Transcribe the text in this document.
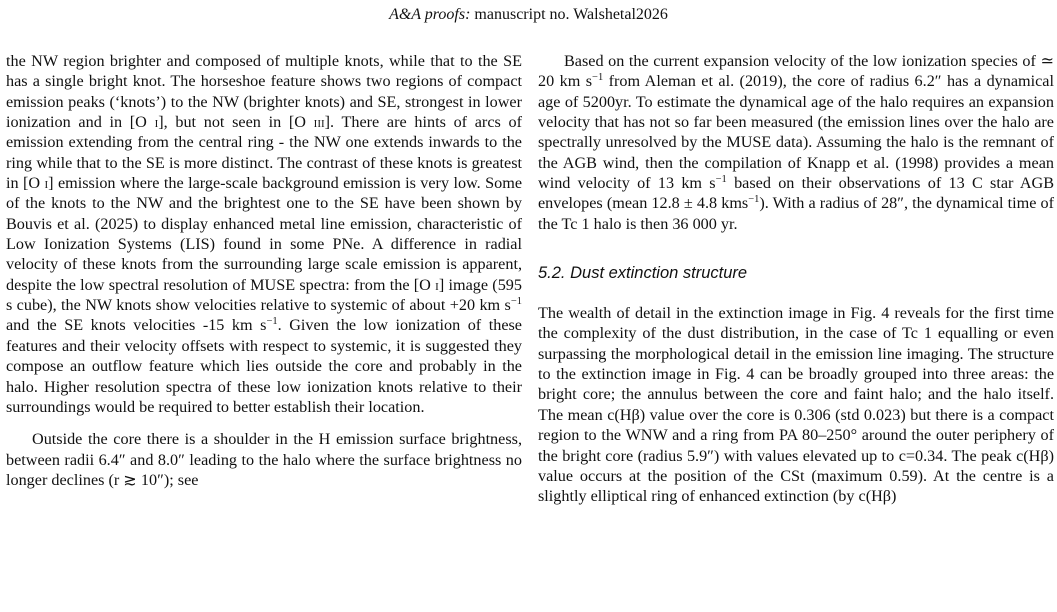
A&A proofs: manuscript no. Walshetal2026

the NW region brighter and composed of multiple knots, while that to the SE has a single bright knot. The horseshoe feature shows two regions of compact emission peaks (‘knots’) to the NW (brighter knots) and SE, strongest in lower ionization and in [O i], but not seen in [O iii]. There are hints of arcs of emission extending from the central ring - the NW one extends inwards to the ring while that to the SE is more distinct. The contrast of these knots is greatest in [O i] emission where the large-scale background emission is very low. Some of the knots to the NW and the brightest one to the SE have been shown by Bouvis et al. (2025) to display enhanced metal line emission, characteristic of Low Ionization Systems (LIS) found in some PNe. A difference in radial velocity of these knots from the surrounding large scale emission is apparent, despite the low spectral resolution of MUSE spectra: from the [O i] image (595 s cube), the NW knots show velocities relative to systemic of about +20 km $s^{-1}$ and the SE knots velocities -15 km $s^{-1}$. Given the low ionization of these features and their velocity offsets with respect to systemic, it is suggested they compose an outflow feature which lies outside the core and probably in the halo. Higher resolution spectra of these low ionization knots relative to their surroundings would be required to better establish their location.

Outside the core there is a shoulder in the H emission surface brightness, between radii 6.4″ and 8.0″ leading to the halo where the surface brightness no longer declines (r ≳ 10″); see

Based on the current expansion velocity of the low ionization species of ≃ 20 km $s^{-1}$ from Aleman et al. (2019), the core of radius 6.2″ has a dynamical age of 5200yr. To estimate the dynamical age of the halo requires an expansion velocity that has not so far been measured (the emission lines over the halo are spectrally unresolved by the MUSE data). Assuming the halo is the remnant of the AGB wind, then the compilation of Knapp et al. (1998) provides a mean wind velocity of 13 km $s^{-1}$ based on their observations of 13 C star AGB envelopes (mean 12.8 ± 4.8 kms$^{-1}$). With a radius of 28″, the dynamical time of the Tc 1 halo is then 36 000 yr.

5.2. Dust extinction structure

The wealth of detail in the extinction image in Fig. 4 reveals for the first time the complexity of the dust distribution, in the case of Tc 1 equalling or even surpassing the morphological detail in the emission line imaging. The structure to the extinction image in Fig. 4 can be broadly grouped into three areas: the bright core; the annulus between the core and faint halo; and the halo itself. The mean c(Hβ) value over the core is 0.306 (std 0.023) but there is a compact region to the WNW and a ring from PA 80–250° around the outer periphery of the bright core (radius 5.9″) with values elevated up to c=0.34. The peak c(Hβ) value occurs at the position of the CSt (maximum 0.59). At the centre is a slightly elliptical ring of enhanced extinction (by c(Hβ)
